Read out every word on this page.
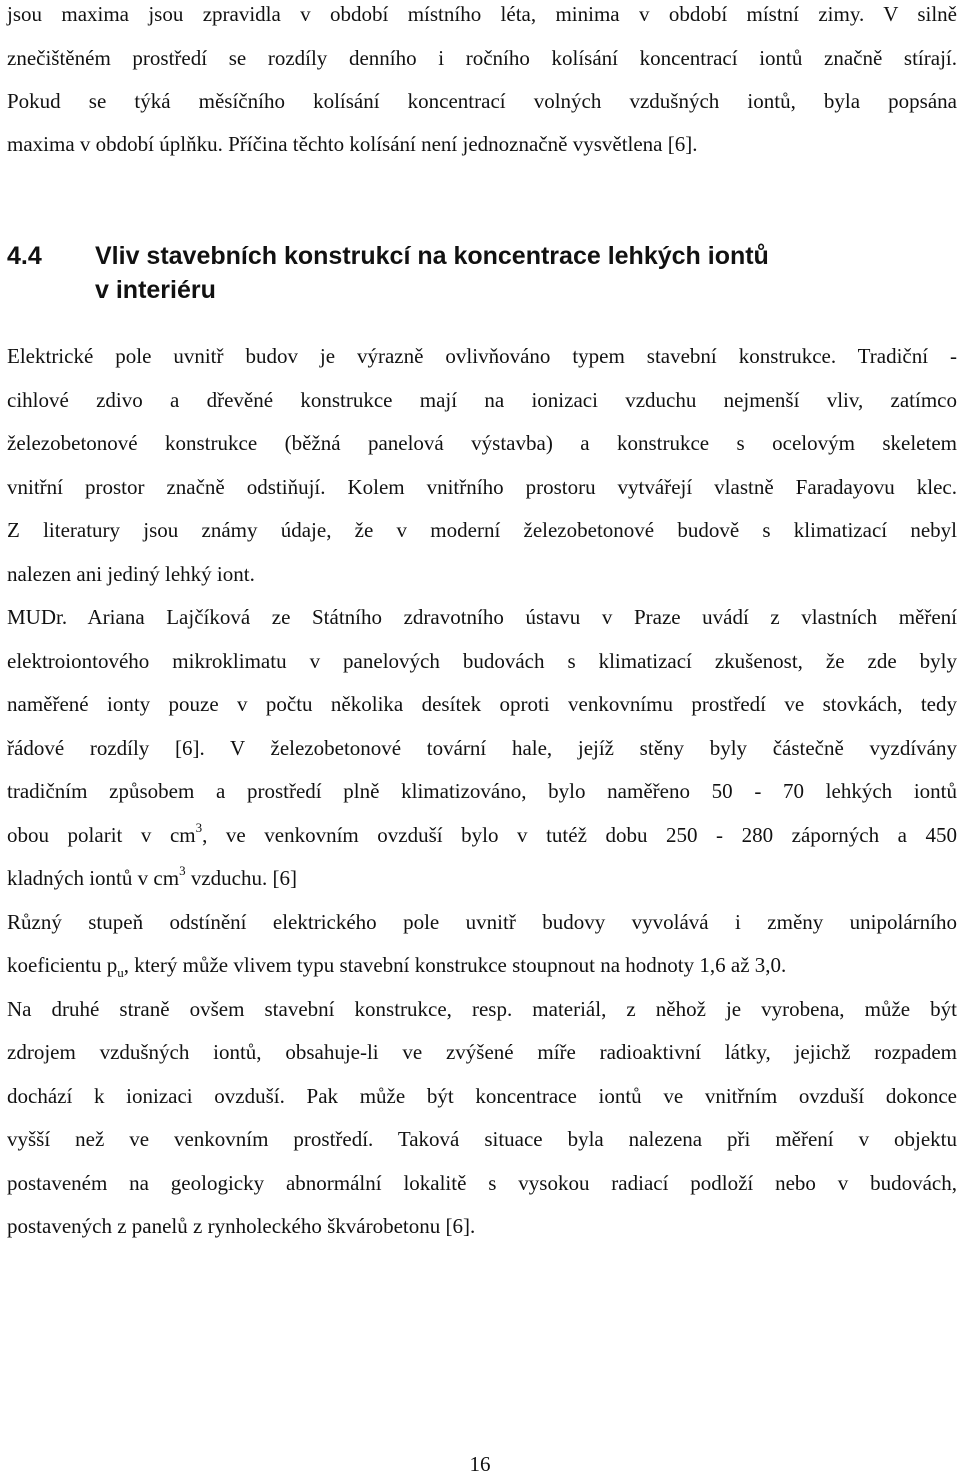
jsou maxima jsou zpravidla v období místního léta, minima v období místní zimy. V silně
znečištěném prostředí se rozdíly denního i ročního kolísání koncentrací iontů značně stírají.
Pokud se týká měsíčního kolísání koncentrací volných vzdušných iontů, byla popsána
maxima v období úplňku. Příčina těchto kolísání není jednoznačně vysvětlena [6].
4.4 Vliv stavebních konstrukcí na koncentrace lehkých iontů
v interiéru
Elektrické pole uvnitř budov je výrazně ovlivňováno typem stavební konstrukce. Tradiční -
cihlové zdivo a dřevěné konstrukce mají na ionizaci vzduchu nejmenší vliv, zatímco
železobetonové konstrukce (běžná panelová výstavba) a konstrukce s ocelovým skeletem
vnitřní prostor značně odstiňují. Kolem vnitřního prostoru vytvářejí vlastně Faradayovu klec.
Z literatury jsou známy údaje, že v moderní železobetonové budově s klimatizací nebyl
nalezen ani jediný lehký iont.
MUDr. Ariana Lajčíková ze Státního zdravotního ústavu v Praze uvádí z vlastních měření
elektroiontového mikroklimatu v panelových budovách s klimatizací zkušenost, že zde byly
naměřené ionty pouze v počtu několika desítek oproti venkovnímu prostředí ve stovkách, tedy
řádové rozdíly [6]. V železobetonové tovární hale, jejíž stěny byly částečně vyzdívány
tradičním způsobem a prostředí plně klimatizováno, bylo naměřeno 50 - 70 lehkých iontů
obou polarit v $cm^3$, ve venkovním ovzduší bylo v tutéž dobu 250 - 280 záporných a 450
kladných iontů v $cm^3$ vzduchu. [6]
Různý stupeň odstínění elektrického pole uvnitř budovy vyvolává i změny unipolárního
koeficientu $p_u$, který může vlivem typu stavební konstrukce stoupnout na hodnoty 1,6 až 3,0.
Na druhé straně ovšem stavební konstrukce, resp. materiál, z něhož je vyrobena, může být
zdrojem vzdušných iontů, obsahuje-li ve zvýšené míře radioaktivní látky, jejichž rozpadem
dochází k ionizaci ovzduší. Pak může být koncentrace iontů ve vnitřním ovzduší dokonce
vyšší než ve venkovním prostředí. Taková situace byla nalezena při měření v objektu
postaveném na geologicky abnormální lokalitě s vysokou radiací podloží nebo v budovách,
postavených z panelů z rynholeckého škvárobetonu [6].
16
